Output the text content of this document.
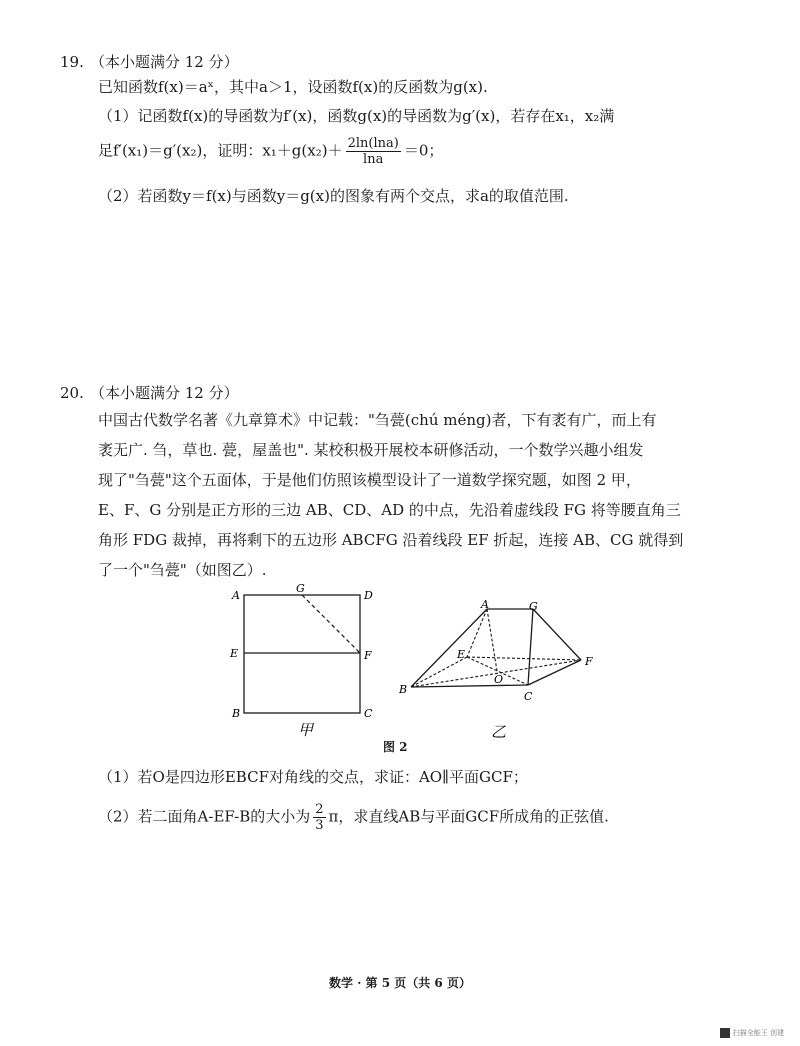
19. （本小题满分 12 分）
已知函数f(x)＝aˣ，其中a＞1，设函数f(x)的反函数为g(x).
（1）记函数f(x)的导函数为f′(x)，函数g(x)的导函数为g′(x)，若存在x₁，x₂满
足f′(x₁)＝g′(x₂)，证明：$x_1+g(x_2)+ \frac{2\ln(\ln a)}{\ln a} =0$；
（2）若函数y＝f(x)与函数y＝g(x)的图象有两个交点，求a的取值范围.
20. （本小题满分 12 分）
中国古代数学名著《九章算术》中记载："刍甍(chú méng)者，下有袤有广，而上有
袤无广. 刍，草也. 甍，屋盖也". 某校积极开展校本研修活动，一个数学兴趣小组发
现了"刍甍"这个五面体，于是他们仿照该模型设计了一道数学探究题，如图 2 甲，
E、F、G 分别是正方形的三边 AB、CD、AD 的中点，先沿着虚线段 FG 将等腰直角三
角形 FDG 裁掉，再将剩下的五边形 ABCFG 沿着线段 EF 折起，连接 AB、CG 就得到
了一个"刍甍"（如图乙）.
A
G
D
E	F
B	C
甲
A	G
E
F
O
B
C
乙
图 2
（1）若O是四边形EBCF对角线的交点，求证：AO∥平面GCF；
（2）若二面角A-EF-B的大小为 $\frac{2}{3}$ π，求直线AB与平面GCF所成角的正弦值.
数学 · 第 5 页（共 6 页）
扫描全能王 创建
